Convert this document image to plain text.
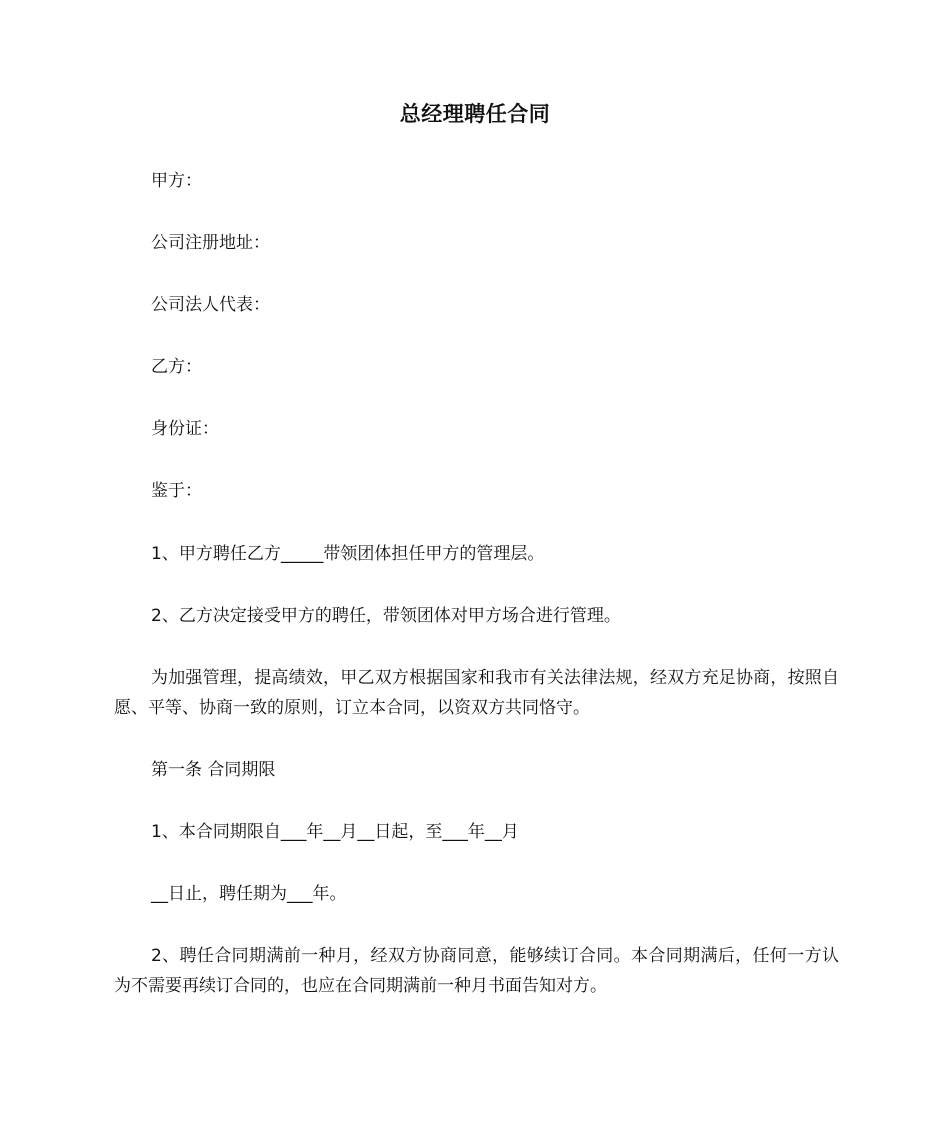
总经理聘任合同
甲方：
公司注册地址：
公司法人代表：
乙方：
身份证：
鉴于：
1、甲方聘任乙方_____带领团体担任甲方的管理层。
2、乙方决定接受甲方的聘任，带领团体对甲方场合进行管理。
为加强管理，提高绩效，甲乙双方根据国家和我市有关法律法规，经双方充足协商，按照自愿、平等、协商一致的原则，订立本合同，以资双方共同恪守。
第一条 合同期限
1、本合同期限自___年__月__日起，至___年__月
__日止，聘任期为___年。
2、聘任合同期满前一种月，经双方协商同意，能够续订合同。本合同期满后，任何一方认为不需要再续订合同的，也应在合同期满前一种月书面告知对方。
